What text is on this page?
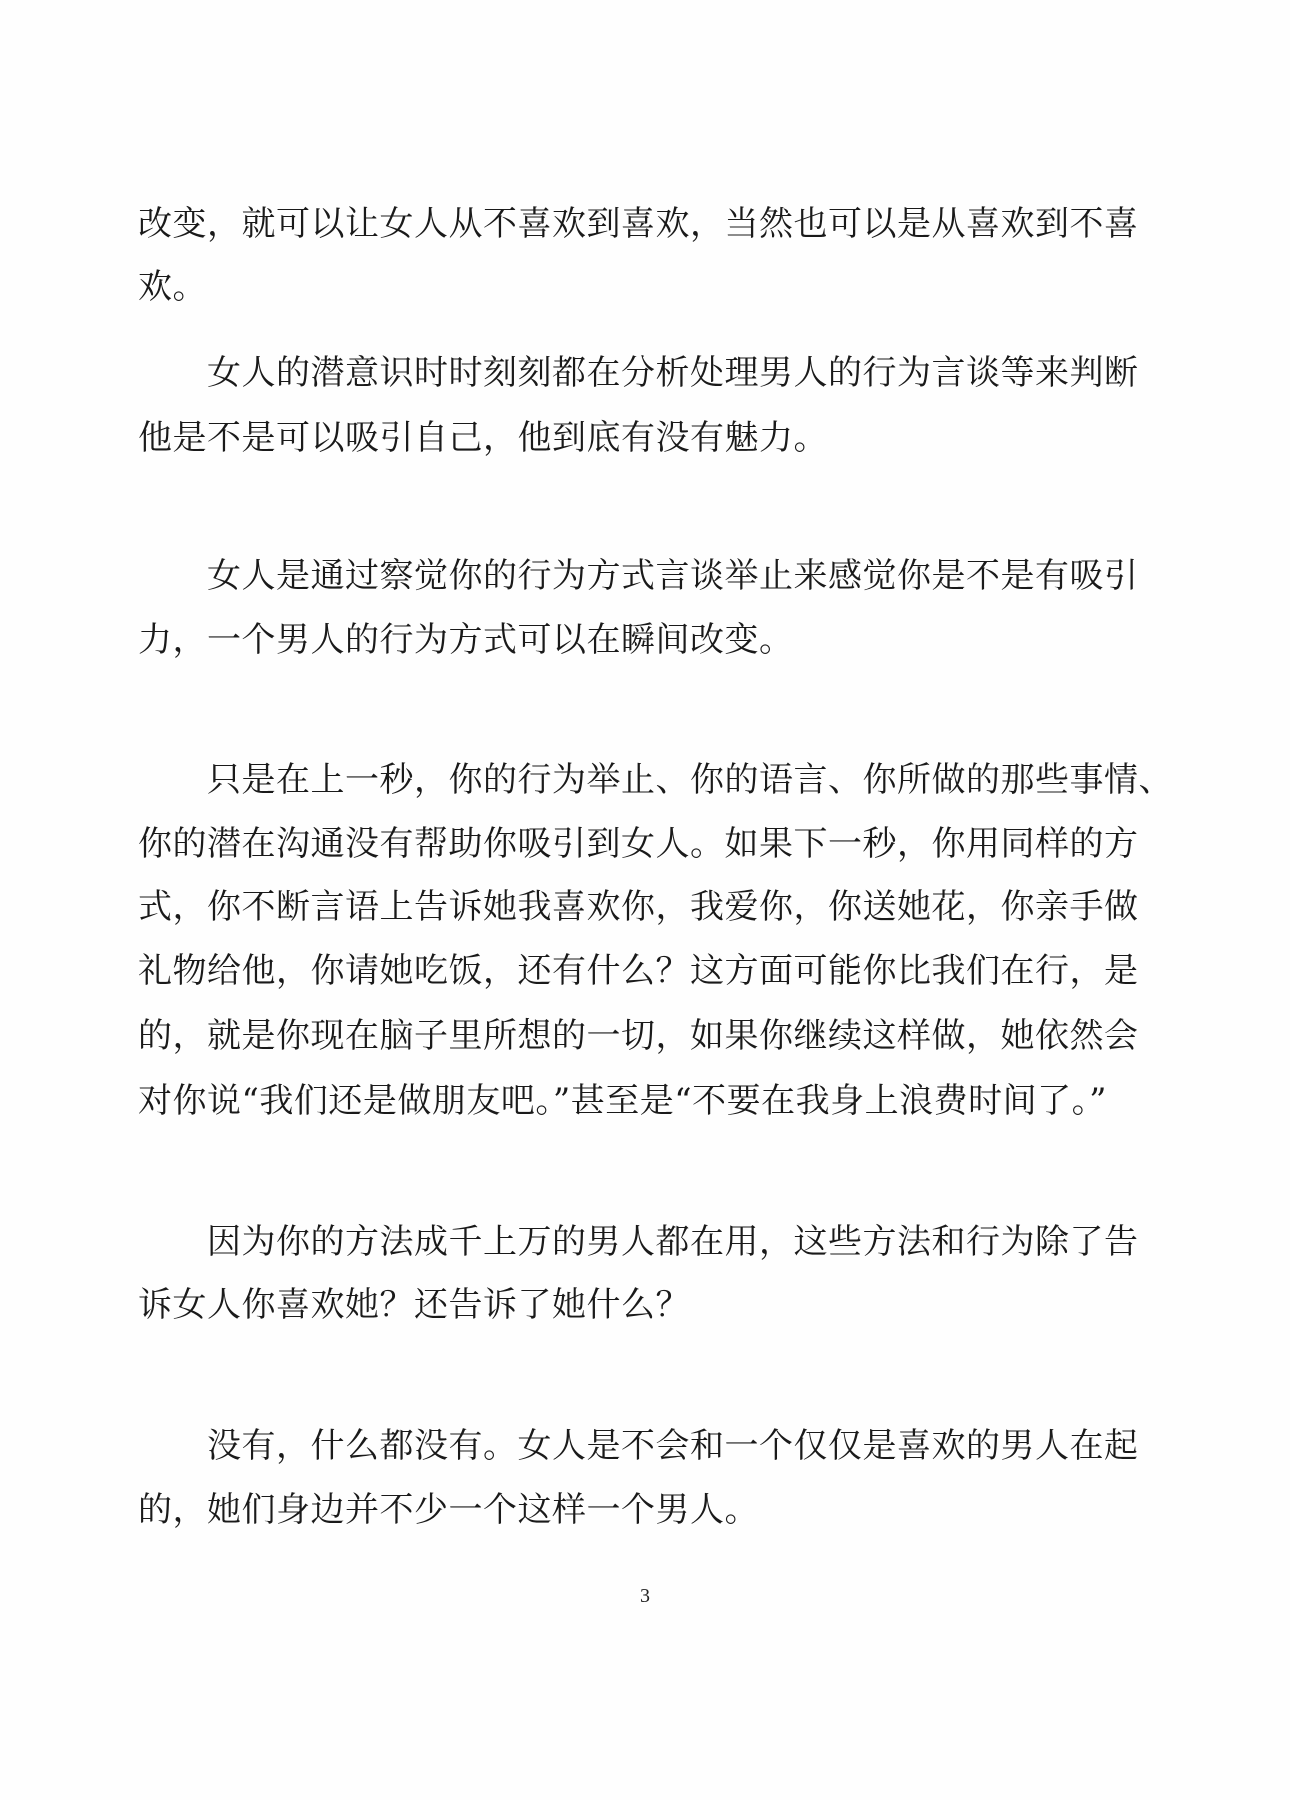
改变，就可以让女人从不喜欢到喜欢，当然也可以是从喜欢到不喜
欢。
　　女人的潜意识时时刻刻都在分析处理男人的行为言谈等来判断
他是不是可以吸引自己，他到底有没有魅力。
　　女人是通过察觉你的行为方式言谈举止来感觉你是不是有吸引
力，一个男人的行为方式可以在瞬间改变。
　　只是在上一秒，你的行为举止、你的语言、你所做的那些事情、
你的潜在沟通没有帮助你吸引到女人。如果下一秒，你用同样的方
式，你不断言语上告诉她我喜欢你，我爱你，你送她花，你亲手做
礼物给他，你请她吃饭，还有什么？这方面可能你比我们在行，是
的，就是你现在脑子里所想的一切，如果你继续这样做，她依然会
对你说“我们还是做朋友吧。”甚至是“不要在我身上浪费时间了。”
　　因为你的方法成千上万的男人都在用，这些方法和行为除了告
诉女人你喜欢她？还告诉了她什么？
　　没有，什么都没有。女人是不会和一个仅仅是喜欢的男人在起
的，她们身边并不少一个这样一个男人。
3
